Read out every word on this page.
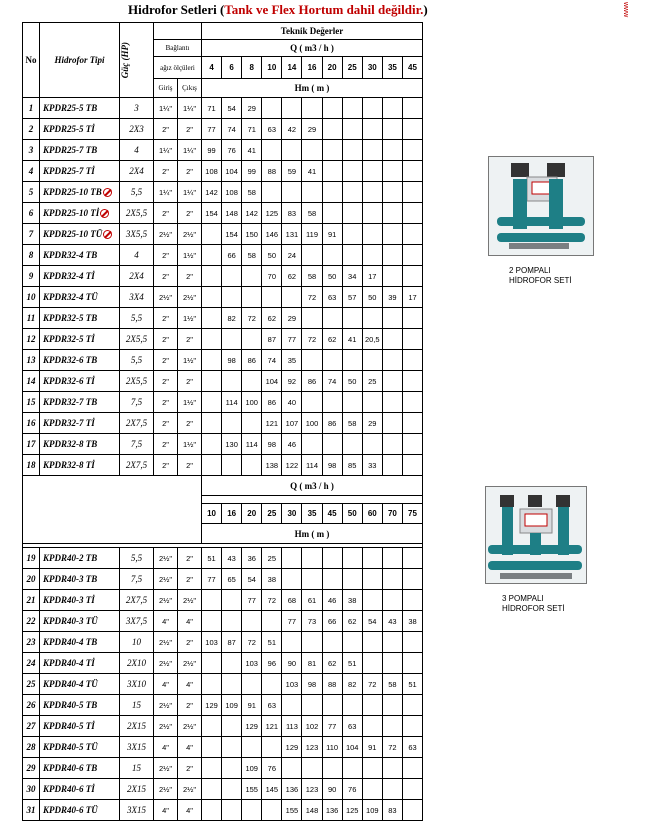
Hidrofor Setleri (Tank ve Flex Hortum dahil değildir.)	www
No	Hidrofor Tipi	Güç (HP)			Teknik Değerler										
			Bağlantı		Q ( m3 / h )										
			ağız ölçüleri		4	6	8	10	14	16	20	25	30	35	45
			Giriş	Çıkış	Hm ( m )										

1	KPDR25-5 TB	3	1¼"	1¼"	71	54	29								
2	KPDR25-5 Tİ	2X3	2"	2"	77	74	71	63	42	29					
3	KPDR25-7 TB	4	1¼"	1¼"	99	76	41								
4	KPDR25-7 Tİ	2X4	2"	2"	108	104	99	88	59	41					
5	KPDR25-10 TB	5,5	1¼"	1¼"	142	108	58								
6	KPDR25-10 Tİ	2X5,5	2"	2"	154	148	142	125	83	58					
7	KPDR25-10 TÜ	3X5,5	2½"	2½"		154	150	146	131	119	91				
8	KPDR32-4 TB	4	2"	1½"		66	58	50	24						
9	KPDR32-4 Tİ	2X4	2"	2"				70	62	58	50	34	17		
10	KPDR32-4 TÜ	3X4	2½"	2½"						72	63	57	50	39	17
11	KPDR32-5 TB	5,5	2"	1½"		82	72	62	29						
12	KPDR32-5 Tİ	2X5,5	2"	2"				87	77	72	62	41	20,5		
13	KPDR32-6 TB	5,5	2"	1½"		98	86	74	35						
14	KPDR32-6 Tİ	2X5,5	2"	2"				104	92	86	74	50	25		
15	KPDR32-7 TB	7,5	2"	1½"		114	100	86	40						
16	KPDR32-7 Tİ	2X7,5	2"	2"				121	107	100	86	58	29		
17	KPDR32-8 TB	7,5	2"	1½"		130	114	98	46						
18	KPDR32-8 Tİ	2X7,5	2"	2"				138	122	114	98	85	33		
					Q ( m3 / h )										

					10	16	20	25	30	35	45	50	60	70	75
					Hm ( m )										

19	KPDR40-2 TB	5,5	2½"	2"	51	43	36	25							
20	KPDR40-3 TB	7,5	2½"	2"	77	65	54	38							
21	KPDR40-3 Tİ	2X7,5	2½"	2½"			77	72	68	61	46	38			
22	KPDR40-3 TÜ	3X7,5	4"	4"					77	73	66	62	54	43	38
23	KPDR40-4 TB	10	2½"	2"	103	87	72	51							
24	KPDR40-4 Tİ	2X10	2½"	2½"			103	96	90	81	62	51			
25	KPDR40-4 TÜ	3X10	4"	4"					103	98	88	82	72	58	51
26	KPDR40-5 TB	15	2½"	2"	129	109	91	63							
27	KPDR40-5 Tİ	2X15	2½"	2½"			129	121	113	102	77	63			
28	KPDR40-5 TÜ	3X15	4"	4"					129	123	110	104	91	72	63
29	KPDR40-6 TB	15	2½"	2"			109	76							
30	KPDR40-6 Tİ	2X15	2½"	2½"			155	145	136	123	90	76			
31	KPDR40-6 TÜ	3X15	4"	4"					155	148	136	125	109	83	
2 POMPALI
HİDROFOR SETİ
3 POMPALI
HİDROFOR SETİ
